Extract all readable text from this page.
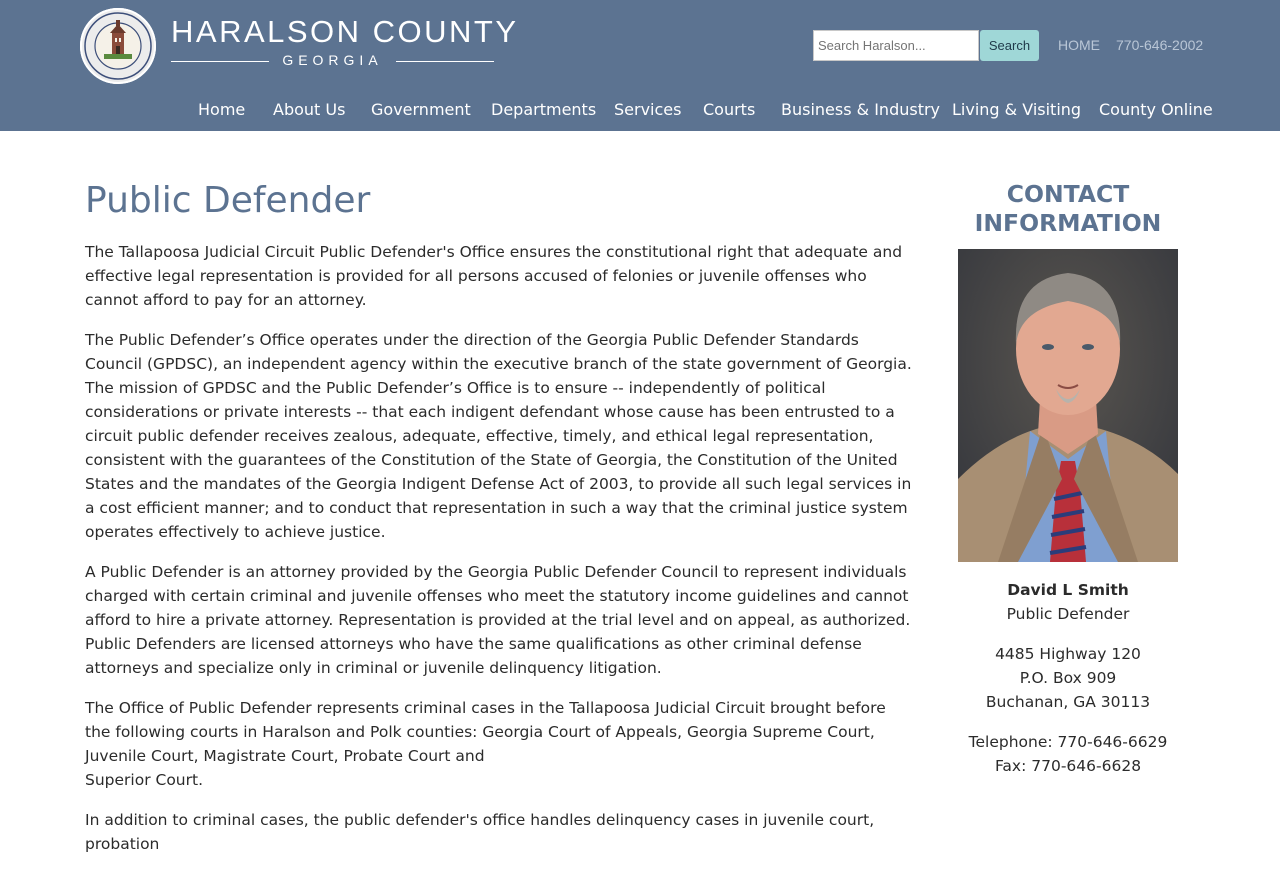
HARALSON COUNTY
GEORGIA
Search Haralson...
Search	HOME 770-646-2002
Home About Us Government Departments Services Courts Business & Industry Living & Visiting County Online
Public Defender

The Tallapoosa Judicial Circuit Public Defender's Office ensures the constitutional right that adequate and effective legal representation is provided for all persons accused of felonies or juvenile offenses who cannot afford to pay for an attorney.

The Public Defender’s Office operates under the direction of the Georgia Public Defender Standards Council (GPDSC), an independent agency within the executive branch of the state government of Georgia. The mission of GPDSC and the Public Defender’s Office is to ensure -- independently of political considerations or private interests -- that each indigent defendant whose cause has been entrusted to a circuit public defender receives zealous, adequate, effective, timely, and ethical legal representation, consistent with the guarantees of the Constitution of the State of Georgia, the Constitution of the United States and the mandates of the Georgia Indigent Defense Act of 2003, to provide all such legal services in a cost efficient manner; and to conduct that representation in such a way that the criminal justice system operates effectively to achieve justice.

A Public Defender is an attorney provided by the Georgia Public Defender Council to represent individuals charged with certain criminal and juvenile offenses who meet the statutory income guidelines and cannot afford to hire a private attorney. Representation is provided at the trial level and on appeal, as authorized. Public Defenders are licensed attorneys who have the same qualifications as other criminal defense attorneys and specialize only in criminal or juvenile delinquency litigation.

The Office of Public Defender represents criminal cases in the Tallapoosa Judicial Circuit brought before the following courts in Haralson and Polk counties: Georgia Court of Appeals, Georgia Supreme Court, Juvenile Court, Magistrate Court, Probate Court and
Superior Court.

In addition to criminal cases, the public defender's office handles delinquency cases in juvenile court, probation

CONTACT INFORMATION
David L Smith
Public Defender
4485 Highway 120
P.O. Box 909
Buchanan, GA 30113
Telephone: 770-646-6629
Fax: 770-646-6628
